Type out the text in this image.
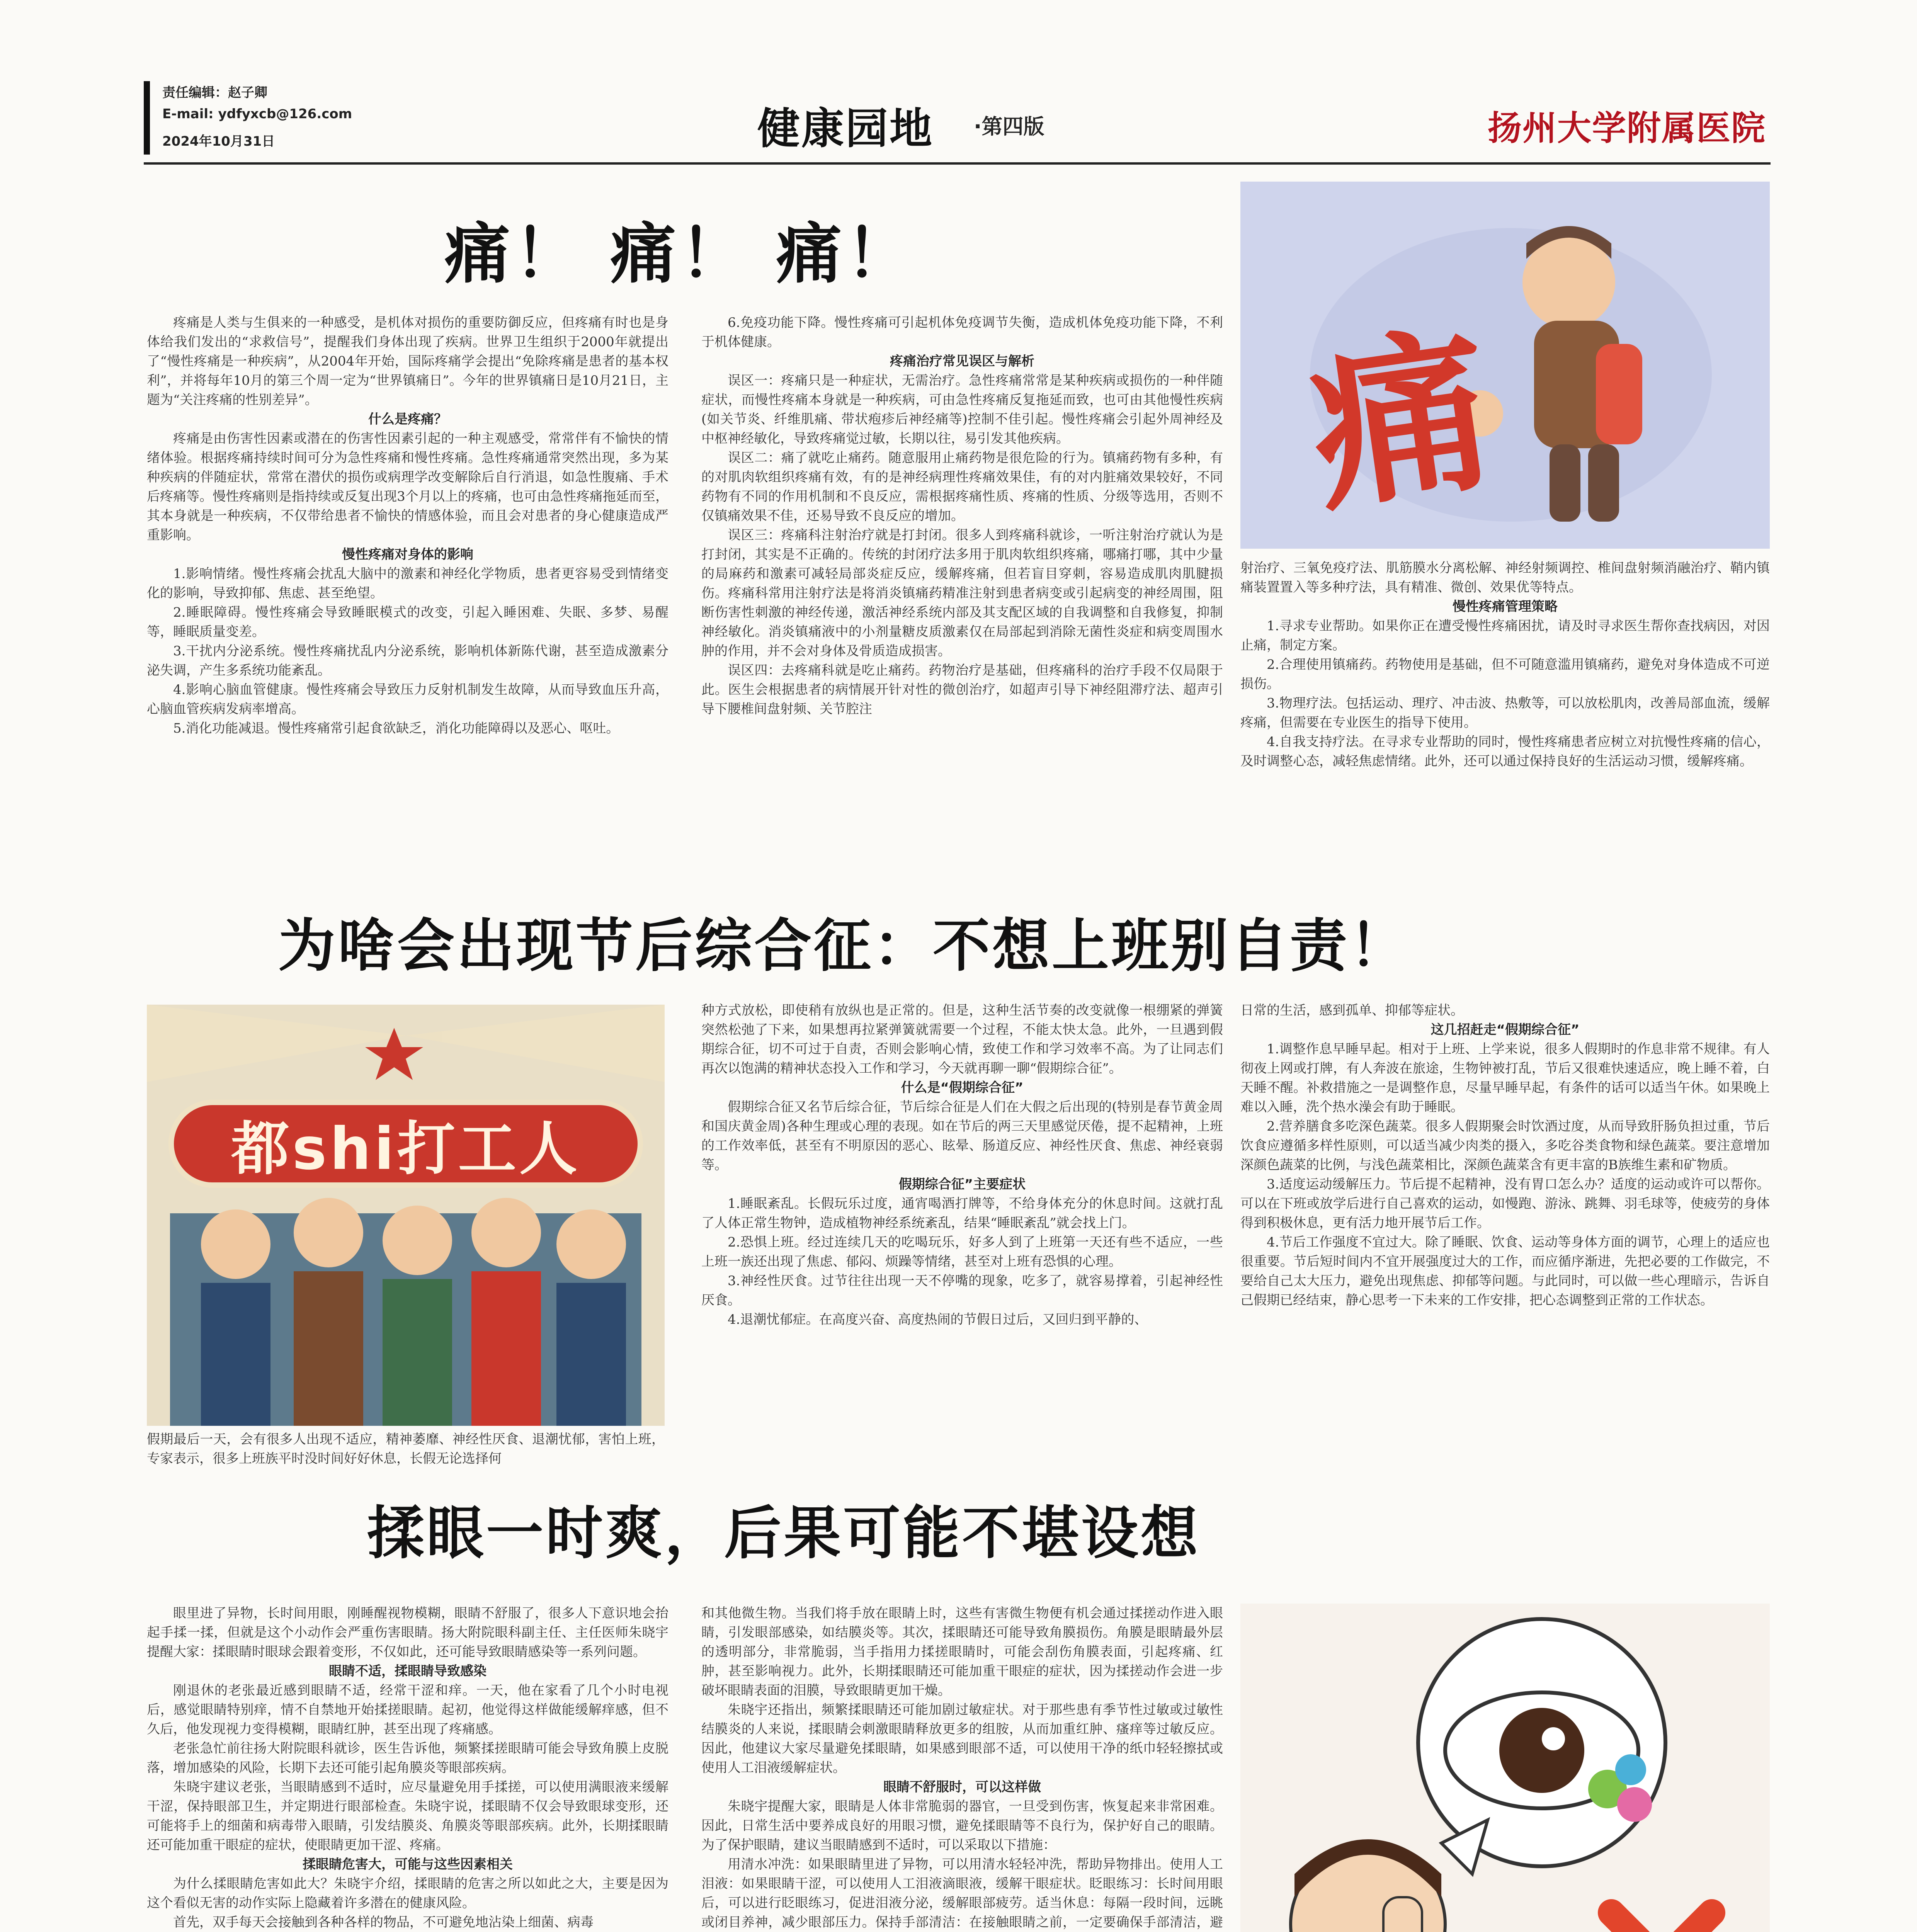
责任编辑：赵子卿
E-mail: ydfyxcb@126.com
2024年10月31日	健康园地 ·第四版	扬州大学附属医院
痛！ 痛！ 痛！
痛

疼痛是人类与生俱来的一种感受，是机体对损伤的重要防御反应，但疼痛有时也是身体给我们发出的“求救信号”，提醒我们身体出现了疾病。世界卫生组织于2000年就提出了“慢性疼痛是一种疾病”，从2004年开始，国际疼痛学会提出“免除疼痛是患者的基本权利”，并将每年10月的第三个周一定为“世界镇痛日”。今年的世界镇痛日是10月21日，主题为“关注疼痛的性别差异”。

什么是疼痛？

疼痛是由伤害性因素或潜在的伤害性因素引起的一种主观感受，常常伴有不愉快的情绪体验。根据疼痛持续时间可分为急性疼痛和慢性疼痛。急性疼痛通常突然出现，多为某种疾病的伴随症状，常常在潜伏的损伤或病理学改变解除后自行消退，如急性腹痛、手术后疼痛等。慢性疼痛则是指持续或反复出现3个月以上的疼痛，也可由急性疼痛拖延而至，其本身就是一种疾病，不仅带给患者不愉快的情感体验，而且会对患者的身心健康造成严重影响。

慢性疼痛对身体的影响

1.影响情绪。慢性疼痛会扰乱大脑中的激素和神经化学物质，患者更容易受到情绪变化的影响，导致抑郁、焦虑、甚至绝望。

2.睡眠障碍。慢性疼痛会导致睡眠模式的改变，引起入睡困难、失眠、多梦、易醒等，睡眠质量变差。

3.干扰内分泌系统。慢性疼痛扰乱内分泌系统，影响机体新陈代谢，甚至造成激素分泌失调，产生多系统功能紊乱。

4.影响心脑血管健康。慢性疼痛会导致压力反射机制发生故障，从而导致血压升高，心脑血管疾病发病率增高。

5.消化功能减退。慢性疼痛常引起食欲缺乏，消化功能障碍以及恶心、呕吐。

6.免疫功能下降。慢性疼痛可引起机体免疫调节失衡，造成机体免疫功能下降，不利于机体健康。

疼痛治疗常见误区与解析

误区一：疼痛只是一种症状，无需治疗。急性疼痛常常是某种疾病或损伤的一种伴随症状，而慢性疼痛本身就是一种疾病，可由急性疼痛反复拖延而致，也可由其他慢性疾病(如关节炎、纤维肌痛、带状疱疹后神经痛等)控制不佳引起。慢性疼痛会引起外周神经及中枢神经敏化，导致疼痛觉过敏，长期以往，易引发其他疾病。

误区二：痛了就吃止痛药。随意服用止痛药物是很危险的行为。镇痛药物有多种，有的对肌肉软组织疼痛有效，有的是神经病理性疼痛效果佳，有的对内脏痛效果较好，不同药物有不同的作用机制和不良反应，需根据疼痛性质、疼痛的性质、分级等选用，否则不仅镇痛效果不佳，还易导致不良反应的增加。

误区三：疼痛科注射治疗就是打封闭。很多人到疼痛科就诊，一听注射治疗就认为是打封闭，其实是不正确的。传统的封闭疗法多用于肌肉软组织疼痛，哪痛打哪，其中少量的局麻药和激素可减轻局部炎症反应，缓解疼痛，但若盲目穿刺，容易造成肌肉肌腱损伤。疼痛科常用注射疗法是将消炎镇痛药精准注射到患者病变或引起病变的神经周围，阻断伤害性刺激的神经传递，激活神经系统内部及其支配区域的自我调整和自我修复，抑制神经敏化。消炎镇痛液中的小剂量糖皮质激素仅在局部起到消除无菌性炎症和病变周围水肿的作用，并不会对身体及骨质造成损害。

误区四：去疼痛科就是吃止痛药。药物治疗是基础，但疼痛科的治疗手段不仅局限于此。医生会根据患者的病情展开针对性的微创治疗，如超声引导下神经阻滞疗法、超声引导下腰椎间盘射频、关节腔注

射治疗、三氧免疫疗法、肌筋膜水分离松解、神经射频调控、椎间盘射频消融治疗、鞘内镇痛装置置入等多种疗法，具有精准、微创、效果优等特点。

慢性疼痛管理策略

1.寻求专业帮助。如果你正在遭受慢性疼痛困扰，请及时寻求医生帮你查找病因，对因止痛，制定方案。

2.合理使用镇痛药。药物使用是基础，但不可随意滥用镇痛药，避免对身体造成不可逆损伤。

3.物理疗法。包括运动、理疗、冲击波、热敷等，可以放松肌肉，改善局部血流，缓解疼痛，但需要在专业医生的指导下使用。

4.自我支持疗法。在寻求专业帮助的同时，慢性疼痛患者应树立对抗慢性疼痛的信心，及时调整心态，减轻焦虑情绪。此外，还可以通过保持良好的生活运动习惯，缓解疼痛。

为啥会出现节后综合征：不想上班别自责！
都shi打工人

假期最后一天，会有很多人出现不适应，精神萎靡、神经性厌食、退潮忧郁，害怕上班，专家表示，很多上班族平时没时间好好休息，长假无论选择何

种方式放松，即使稍有放纵也是正常的。但是，这种生活节奏的改变就像一根绷紧的弹簧突然松弛了下来，如果想再拉紧弹簧就需要一个过程，不能太快太急。此外，一旦遇到假期综合征，切不可过于自责，否则会影响心情，致使工作和学习效率不高。为了让同志们再次以饱满的精神状态投入工作和学习，今天就再聊一聊“假期综合征”。

什么是“假期综合征”

假期综合征又名节后综合征，节后综合征是人们在大假之后出现的(特别是春节黄金周和国庆黄金周)各种生理或心理的表现。如在节后的两三天里感觉厌倦，提不起精神，上班的工作效率低，甚至有不明原因的恶心、眩晕、肠道反应、神经性厌食、焦虑、神经衰弱等。

假期综合征”主要症状

1.睡眠紊乱。长假玩乐过度，通宵喝酒打牌等，不给身体充分的休息时间。这就打乱了人体正常生物钟，造成植物神经系统紊乱，结果“睡眠紊乱”就会找上门。

2.恐惧上班。经过连续几天的吃喝玩乐，好多人到了上班第一天还有些不适应，一些上班一族还出现了焦虑、郁闷、烦躁等情绪，甚至对上班有恐惧的心理。

3.神经性厌食。过节往往出现一天不停嘴的现象，吃多了，就容易撑着，引起神经性厌食。

4.退潮忧郁症。在高度兴奋、高度热闹的节假日过后，又回归到平静的、

日常的生活，感到孤单、抑郁等症状。

这几招赶走“假期综合征”

1.调整作息早睡早起。相对于上班、上学来说，很多人假期时的作息非常不规律。有人彻夜上网或打牌，有人奔波在旅途，生物钟被打乱，节后又很难快速适应，晚上睡不着，白天睡不醒。补救措施之一是调整作息，尽量早睡早起，有条件的话可以适当午休。如果晚上难以入睡，洗个热水澡会有助于睡眠。

2.营养膳食多吃深色蔬菜。很多人假期聚会时饮酒过度，从而导致肝肠负担过重，节后饮食应遵循多样性原则，可以适当减少肉类的摄入，多吃谷类食物和绿色蔬菜。要注意增加深颜色蔬菜的比例，与浅色蔬菜相比，深颜色蔬菜含有更丰富的B族维生素和矿物质。

3.适度运动缓解压力。节后提不起精神，没有胃口怎么办？适度的运动或许可以帮你。可以在下班或放学后进行自己喜欢的运动，如慢跑、游泳、跳舞、羽毛球等，使疲劳的身体得到积极休息，更有活力地开展节后工作。

4.节后工作强度不宜过大。除了睡眠、饮食、运动等身体方面的调节，心理上的适应也很重要。节后短时间内不宜开展强度过大的工作，而应循序渐进，先把必要的工作做完，不要给自己太大压力，避免出现焦虑、抑郁等问题。与此同时，可以做一些心理暗示，告诉自己假期已经结束，静心思考一下未来的工作安排，把心态调整到正常的工作状态。

揉眼一时爽，后果可能不堪设想

眼里进了异物，长时间用眼，刚睡醒视物模糊，眼睛不舒服了，很多人下意识地会抬起手揉一揉，但就是这个小动作会严重伤害眼睛。扬大附院眼科副主任、主任医师朱晓宇提醒大家：揉眼睛时眼球会跟着变形，不仅如此，还可能导致眼睛感染等一系列问题。

眼睛不适，揉眼睛导致感染

刚退休的老张最近感到眼睛不适，经常干涩和痒。一天，他在家看了几个小时电视后，感觉眼睛特别痒，情不自禁地开始揉搓眼睛。起初，他觉得这样做能缓解痒感，但不久后，他发现视力变得模糊，眼睛红肿，甚至出现了疼痛感。

老张急忙前往扬大附院眼科就诊，医生告诉他，频繁揉搓眼睛可能会导致角膜上皮脱落，增加感染的风险，长期下去还可能引起角膜炎等眼部疾病。

朱晓宇建议老张，当眼睛感到不适时，应尽量避免用手揉搓，可以使用满眼液来缓解干涩，保持眼部卫生，并定期进行眼部检查。朱晓宇说，揉眼睛不仅会导致眼球变形，还可能将手上的细菌和病毒带入眼睛，引发结膜炎、角膜炎等眼部疾病。此外，长期揉眼睛还可能加重干眼症的症状，使眼睛更加干涩、疼痛。

揉眼睛危害大，可能与这些因素相关

为什么揉眼睛危害如此大？朱晓宇介绍，揉眼睛的危害之所以如此之大，主要是因为这个看似无害的动作实际上隐藏着许多潜在的健康风险。

首先，双手每天会接触到各种各样的物品，不可避免地沾染上细菌、病毒

和其他微生物。当我们将手放在眼睛上时，这些有害微生物便有机会通过揉搓动作进入眼睛，引发眼部感染，如结膜炎等。其次，揉眼睛还可能导致角膜损伤。角膜是眼睛最外层的透明部分，非常脆弱，当手指用力揉搓眼睛时，可能会刮伤角膜表面，引起疼痛、红肿，甚至影响视力。此外，长期揉眼睛还可能加重干眼症的症状，因为揉搓动作会进一步破坏眼睛表面的泪膜，导致眼睛更加干燥。

朱晓宇还指出，频繁揉眼睛还可能加剧过敏症状。对于那些患有季节性过敏或过敏性结膜炎的人来说，揉眼睛会刺激眼睛释放更多的组胺，从而加重红肿、瘙痒等过敏反应。因此，他建议大家尽量避免揉眼睛，如果感到眼部不适，可以使用干净的纸巾轻轻擦拭或使用人工泪液缓解症状。

眼睛不舒服时，可以这样做

朱晓宇提醒大家，眼睛是人体非常脆弱的器官，一旦受到伤害，恢复起来非常困难。因此，日常生活中要养成良好的用眼习惯，避免揉眼睛等不良行为，保护好自己的眼睛。为了保护眼睛，建议当眼睛感到不适时，可以采取以下措施：

用清水冲洗：如果眼睛里进了异物，可以用清水轻轻冲洗，帮助异物排出。使用人工泪液：如果眼睛干涩，可以使用人工泪液滴眼液，缓解干眼症状。眨眼练习：长时间用眼后，可以进行眨眼练习，促进泪液分泌，缓解眼部疲劳。适当休息：每隔一段时间，远眺或闭目养神，减少眼部压力。保持手部清洁：在接触眼睛之前，一定要确保手部清洁，避
